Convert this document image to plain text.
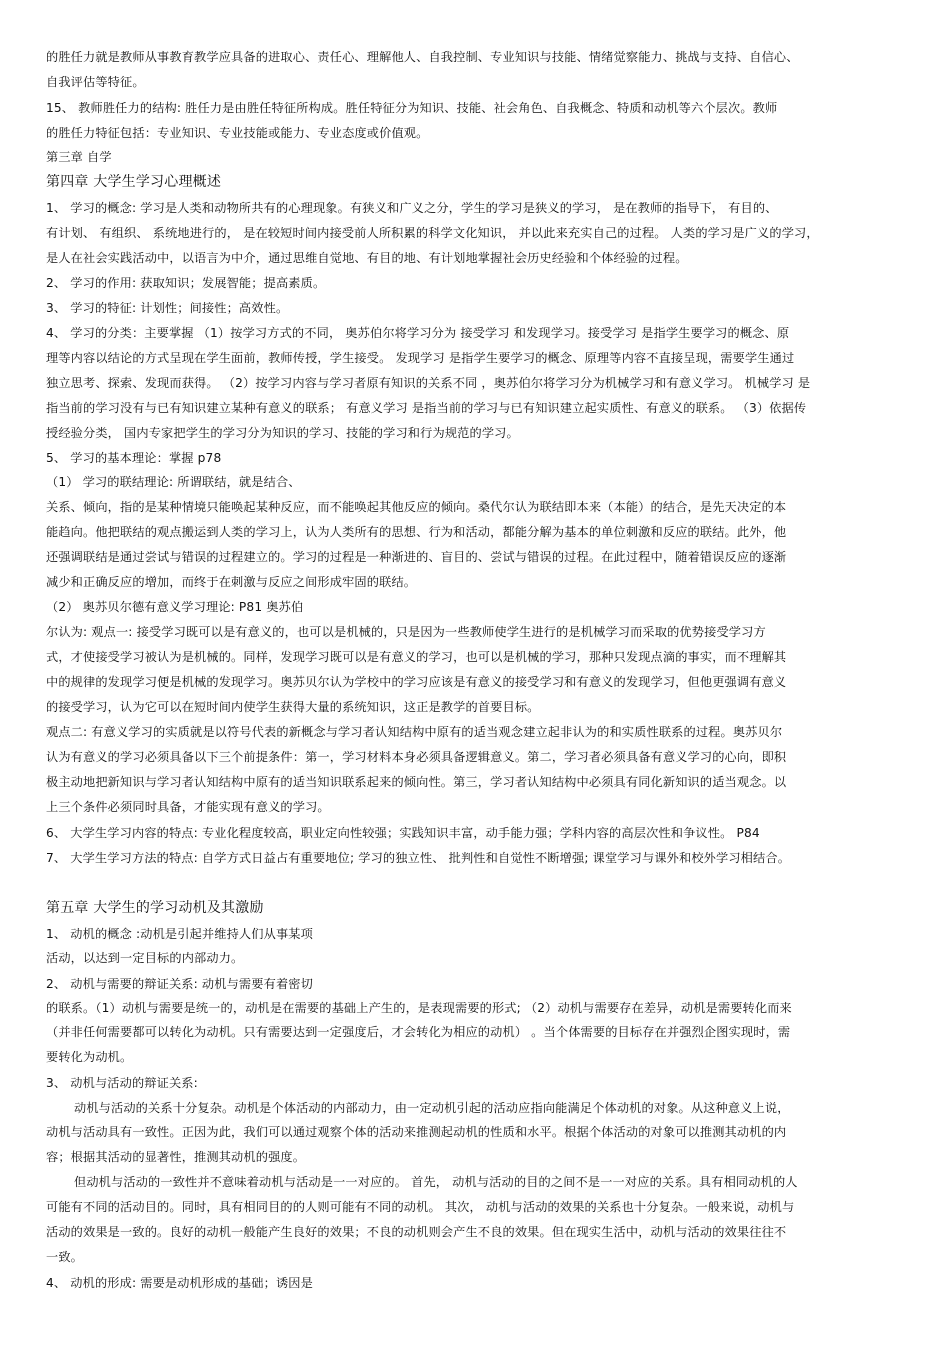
的胜任力就是教师从事教育教学应具备的进取心、责任心、理解他人、自我控制、专业知识与技能、情绪觉察能力、挑战与支持、自信心、
自我评估等特征。
15、 教师胜任力的结构: 胜任力是由胜任特征所构成。胜任特征分为知识、技能、社会角色、自我概念、特质和动机等六个层次。教师
的胜任力特征包括：专业知识、专业技能或能力、专业态度或价值观。
第三章 自学
第四章 大学生学习心理概述
1、 学习的概念: 学习是人类和动物所共有的心理现象。有狭义和广义之分，学生的学习是狭义的学习， 是在教师的指导下， 有目的、
有计划、 有组织、 系统地进行的， 是在较短时间内接受前人所积累的科学文化知识， 并以此来充实自己的过程。 人类的学习是广义的学习，
是人在社会实践活动中，以语言为中介，通过思维自觉地、有目的地、有计划地掌握社会历史经验和个体经验的过程。
2、 学习的作用: 获取知识；发展智能；提高素质。
3、 学习的特征: 计划性；间接性；高效性。
4、 学习的分类：主要掌握 （1）按学习方式的不同， 奥苏伯尔将学习分为 接受学习 和发现学习。接受学习 是指学生要学习的概念、原
理等内容以结论的方式呈现在学生面前，教师传授，学生接受。 发现学习 是指学生要学习的概念、原理等内容不直接呈现，需要学生通过
独立思考、探索、发现而获得。 （2）按学习内容与学习者原有知识的关系不同 ，奥苏伯尔将学习分为机械学习和有意义学习。 机械学习 是
指当前的学习没有与已有知识建立某种有意义的联系； 有意义学习 是指当前的学习与已有知识建立起实质性、有意义的联系。 （3）依据传
授经验分类， 国内专家把学生的学习分为知识的学习、技能的学习和行为规范的学习。
5、 学习的基本理论：掌握 p78
（1） 学习的联结理论: 所谓联结，就是结合、
关系、倾向，指的是某种情境只能唤起某种反应，而不能唤起其他反应的倾向。桑代尔认为联结即本来（本能）的结合，是先天决定的本
能趋向。他把联结的观点搬运到人类的学习上，认为人类所有的思想、行为和活动，都能分解为基本的单位刺激和反应的联结。此外，他
还强调联结是通过尝试与错误的过程建立的。学习的过程是一种渐进的、盲目的、尝试与错误的过程。在此过程中，随着错误反应的逐渐
减少和正确反应的增加，而终于在刺激与反应之间形成牢固的联结。
（2） 奥苏贝尔德有意义学习理论: P81 奥苏伯
尔认为: 观点一: 接受学习既可以是有意义的，也可以是机械的，只是因为一些教师使学生进行的是机械学习而采取的优势接受学习方
式，才使接受学习被认为是机械的。同样，发现学习既可以是有意义的学习，也可以是机械的学习，那种只发现点滴的事实，而不理解其
中的规律的发现学习便是机械的发现学习。奥苏贝尔认为学校中的学习应该是有意义的接受学习和有意义的发现学习，但他更强调有意义
的接受学习，认为它可以在短时间内使学生获得大量的系统知识，这正是教学的首要目标。
观点二: 有意义学习的实质就是以符号代表的新概念与学习者认知结构中原有的适当观念建立起非认为的和实质性联系的过程。奥苏贝尔
认为有意义的学习必须具备以下三个前提条件：第一，学习材料本身必须具备逻辑意义。第二，学习者必须具备有意义学习的心向，即积
极主动地把新知识与学习者认知结构中原有的适当知识联系起来的倾向性。第三，学习者认知结构中必须具有同化新知识的适当观念。以
上三个条件必须同时具备，才能实现有意义的学习。
6、 大学生学习内容的特点: 专业化程度较高，职业定向性较强；实践知识丰富，动手能力强；学科内容的高层次性和争议性。 P84
7、 大学生学习方法的特点: 自学方式日益占有重要地位; 学习的独立性、 批判性和自觉性不断增强; 课堂学习与课外和校外学习相结合。
第五章 大学生的学习动机及其激励
1、 动机的概念 :动机是引起并维持人们从事某项
活动，以达到一定目标的内部动力。
2、 动机与需要的辩证关系: 动机与需要有着密切
的联系。（1）动机与需要是统一的，动机是在需要的基础上产生的，是表现需要的形式; （2）动机与需要存在差异，动机是需要转化而来
（并非任何需要都可以转化为动机。只有需要达到一定强度后，才会转化为相应的动机） 。当个体需要的目标存在并强烈企图实现时，需
要转化为动机。
3、 动机与活动的辩证关系:
动机与活动的关系十分复杂。动机是个体活动的内部动力，由一定动机引起的活动应指向能满足个体动机的对象。从这种意义上说，
动机与活动具有一致性。正因为此，我们可以通过观察个体的活动来推测起动机的性质和水平。根据个体活动的对象可以推测其动机的内
容；根据其活动的显著性，推测其动机的强度。
但动机与活动的一致性并不意味着动机与活动是一一对应的。 首先， 动机与活动的目的之间不是一一对应的关系。具有相同动机的人
可能有不同的活动目的。同时，具有相同目的的人则可能有不同的动机。 其次， 动机与活动的效果的关系也十分复杂。一般来说，动机与
活动的效果是一致的。良好的动机一般能产生良好的效果；不良的动机则会产生不良的效果。但在现实生活中，动机与活动的效果往往不
一致。
4、 动机的形成: 需要是动机形成的基础；诱因是
